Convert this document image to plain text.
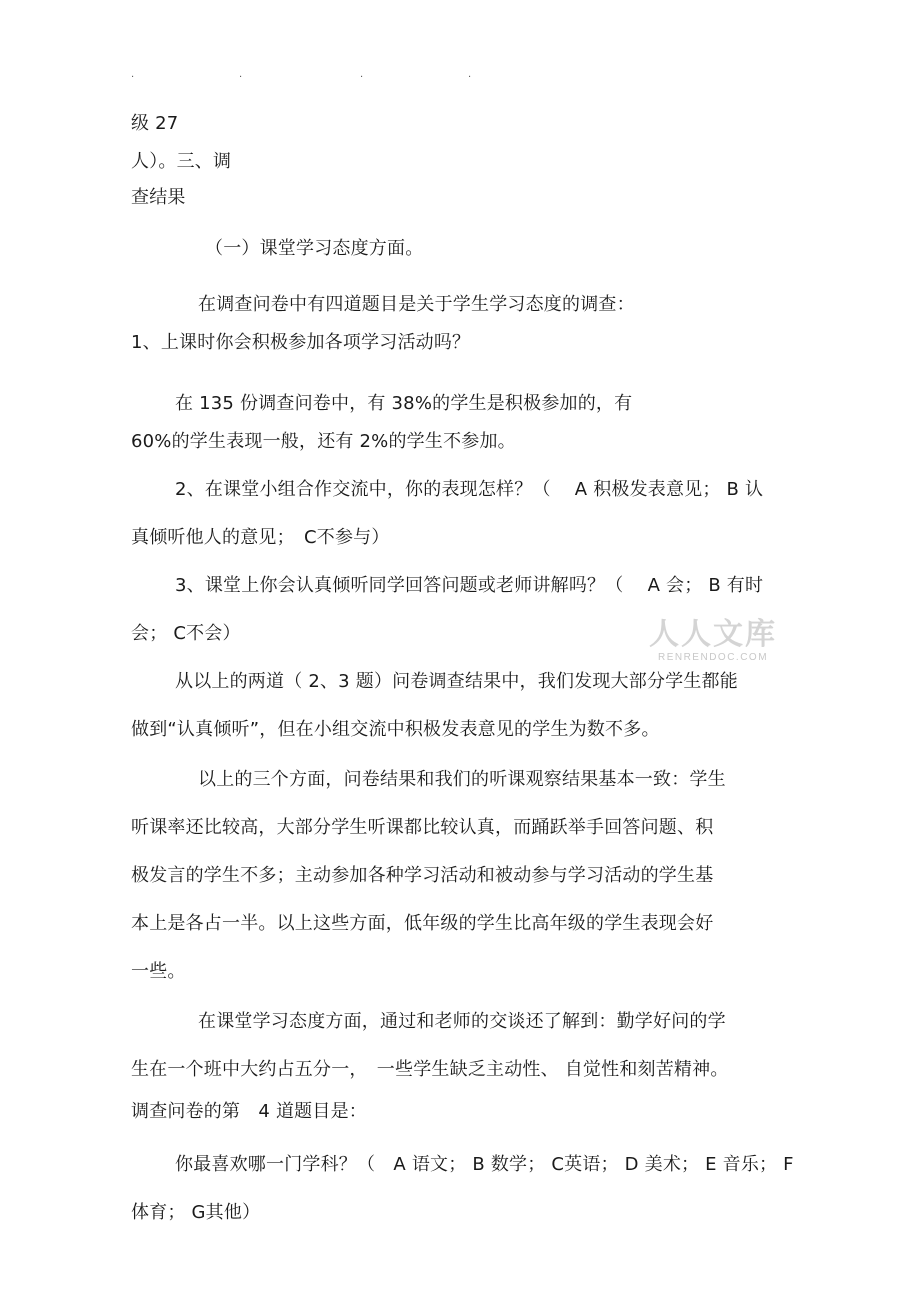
.	.	.	.
级 27
人）。三、调
查结果
（一）课堂学习态度方面。
在调查问卷中有四道题目是关于学生学习态度的调查：
1、上课时你会积极参加各项学习活动吗？
在 135 份调查问卷中，有 38%的学生是积极参加的，有
60%的学生表现一般，还有 2%的学生不参加。
2、在课堂小组合作交流中，你的表现怎样？（　 A 积极发表意见； B 认
真倾听他人的意见；　C不参与）
3、课堂上你会认真倾听同学回答问题或老师讲解吗？（　 A 会； B 有时
会； C不会）
从以上的两道（ 2、3 题）问卷调查结果中，我们发现大部分学生都能
做到“认真倾听”，但在小组交流中积极发表意见的学生为数不多。
以上的三个方面，问卷结果和我们的听课观察结果基本一致：学生
听课率还比较高，大部分学生听课都比较认真，而踊跃举手回答问题、积
极发言的学生不多；主动参加各种学习活动和被动参与学习活动的学生基
本上是各占一半。以上这些方面，低年级的学生比高年级的学生表现会好
一些。
在课堂学习态度方面，通过和老师的交谈还了解到：勤学好问的学
生在一个班中大约占五分一，　一些学生缺乏主动性、 自觉性和刻苦精神。
调查问卷的第　4 道题目是：
你最喜欢哪一门学科？（　A 语文； B 数学； C英语； D 美术； E 音乐； F
体育； G其他）
人人文库
RENRENDOC.COM
